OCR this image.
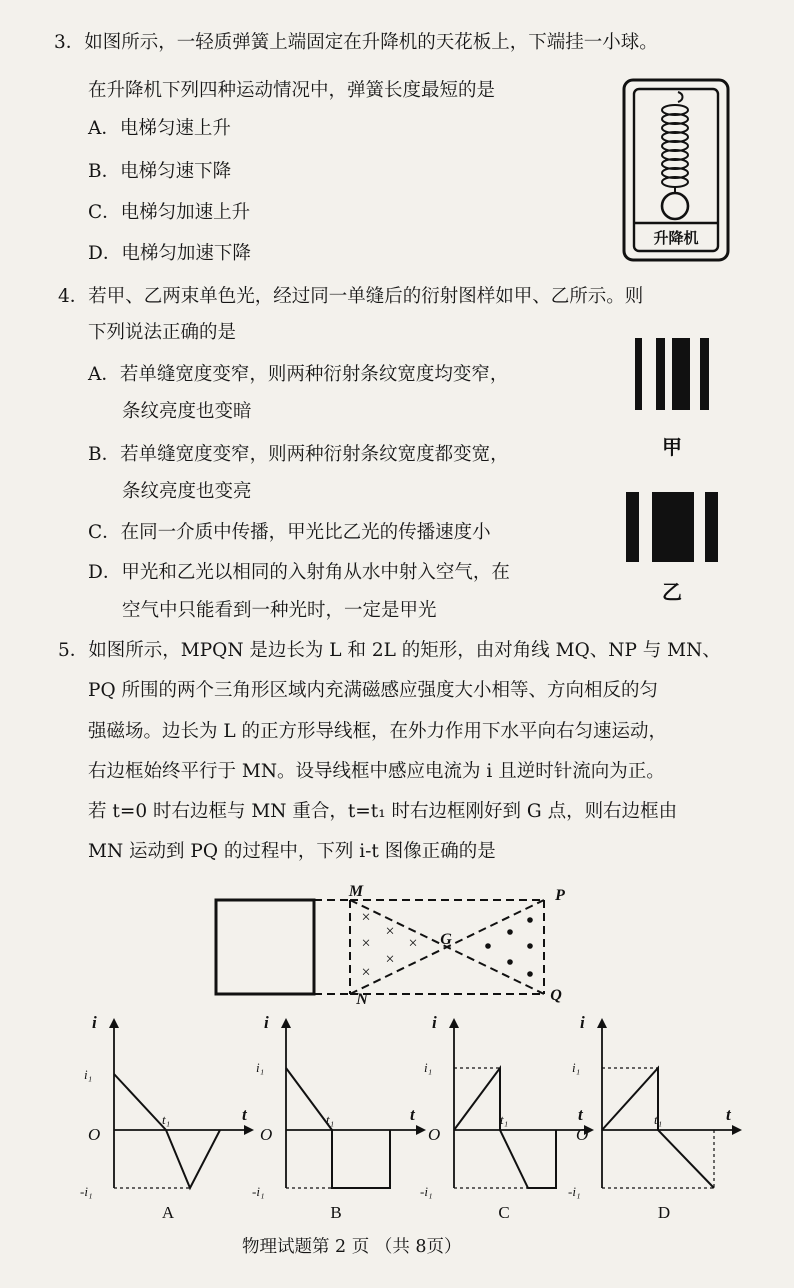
3．如图所示，一轻质弹簧上端固定在升降机的天花板上，下端挂一小球。
在升降机下列四种运动情况中，弹簧长度最短的是
A．电梯匀速上升
B．电梯匀速下降
C．电梯匀加速上升
D．电梯匀加速下降
升降机
4．若甲、乙两束单色光，经过同一单缝后的衍射图样如甲、乙所示。则
下列说法正确的是
A．若单缝宽度变窄，则两种衍射条纹宽度均变窄，
条纹亮度也变暗
B．若单缝宽度变窄，则两种衍射条纹宽度都变宽，
条纹亮度也变亮
C．在同一介质中传播，甲光比乙光的传播速度小
D．甲光和乙光以相同的入射角从水中射入空气，在
空气中只能看到一种光时，一定是甲光
甲
乙
5．如图所示，MPQN 是边长为 L 和 2L 的矩形，由对角线 MQ、NP 与 MN、
PQ 所围的两个三角形区域内充满磁感应强度大小相等、方向相反的匀
强磁场。边长为 L 的正方形导线框，在外力作用下水平向右匀速运动，
右边框始终平行于 MN。设导线框中感应电流为 i 且逆时针流向为正。
若 t=0 时右边框与 MN 重合，t=t₁ 时右边框刚好到 G 点，则右边框由
MN 运动到 PQ 的过程中，下列 i-t 图像正确的是
×
×
×
×
×
×
M
N
P
Q
G
i
t
O
i₁
-i₁
t₁
A
i
t
O
i₁
-i₁
t₁
B
i
t
O
i₁
-i₁
t₁
C
i
t
O
i₁
-i₁
t₁
D
物理试题第 2 页 （共 8页）
